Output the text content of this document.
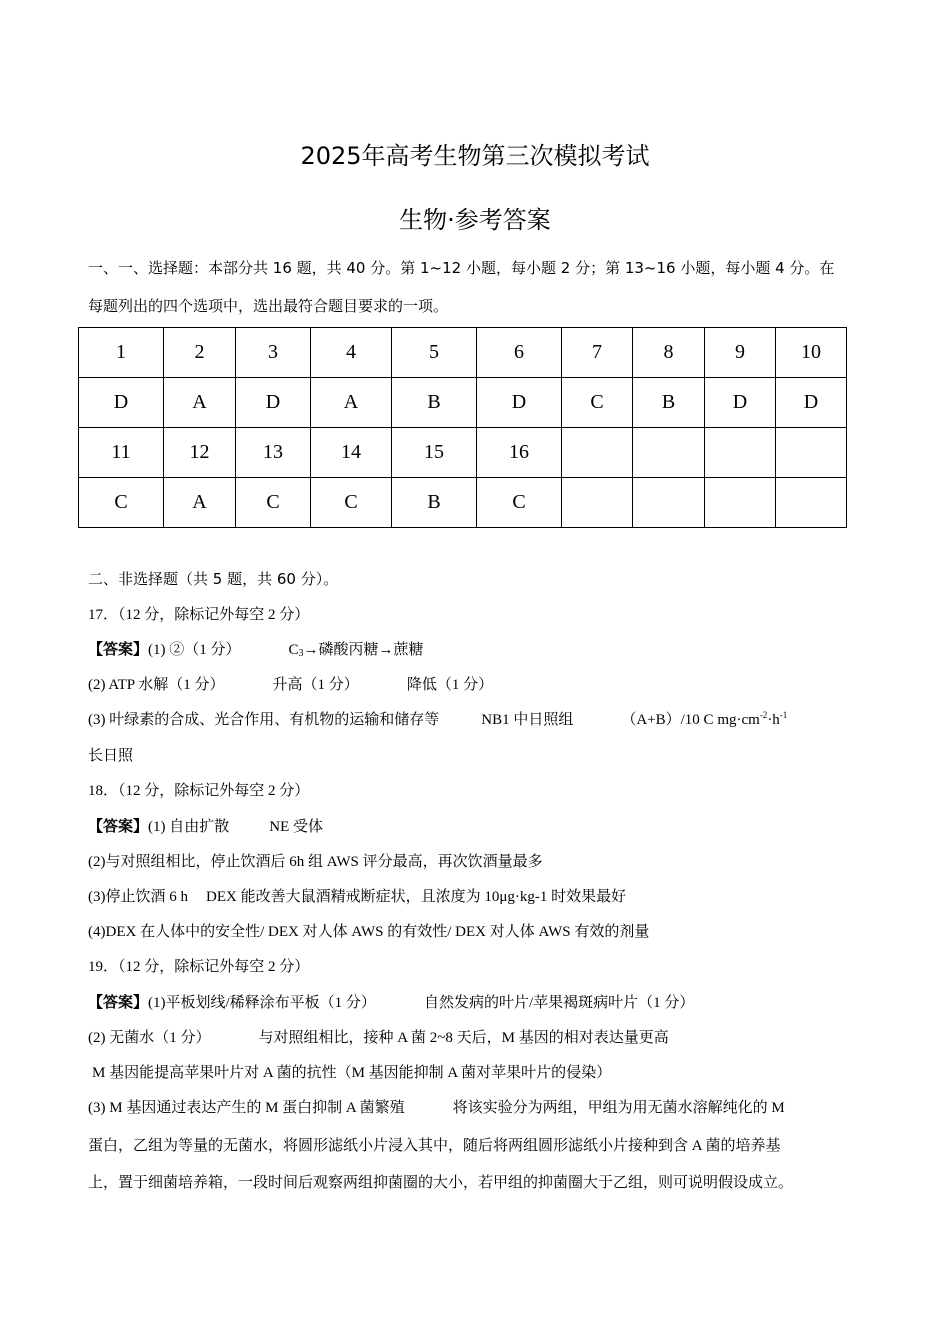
2025年高考生物第三次模拟考试
生物·参考答案
一、一、选择题：本部分共 16 题，共 40 分。第 1~12 小题，每小题 2 分；第 13~16 小题，每小题 4 分。在
每题列出的四个选项中，选出最符合题目要求的一项。
1	2	3	4	5	6	7	8	9	10
D	A	D	A	B	D	C	B	D	D
11	12	13	14	15	16				
C	A	C	C	B	C				
二、非选择题（共 5 题，共 60 分）。
17．（12 分，除标记外每空 2 分）
【答案】(1) ②（1 分）	$C_3\to$磷酸丙糖→蔗糖
(2) ATP 水解（1 分）	升高（1 分）	降低（1 分）
(3) 叶绿素的合成、光合作用、有机物的运输和储存等	NB1 中日照组	（A+B）/10 C $mg\cdot cm^{-2}\cdot h^{-1}$
长日照
18．（12 分，除标记外每空 2 分）
【答案】(1) 自由扩散	NE 受体
(2)与对照组相比，停止饮酒后 6h 组 AWS 评分最高，再次饮酒量最多
(3)停止饮酒 6 h DEX 能改善大鼠酒精戒断症状，且浓度为 10μg·kg-1 时效果最好
(4)DEX 在人体中的安全性/ DEX 对人体 AWS 的有效性/ DEX 对人体 AWS 有效的剂量
19．（12 分，除标记外每空 2 分）
【答案】(1)平板划线/稀释涂布平板（1 分）	自然发病的叶片/苹果褐斑病叶片（1 分）
(2) 无菌水（1 分）	与对照组相比，接种 A 菌 2~8 天后，M 基因的相对表达量更高
M 基因能提高苹果叶片对 A 菌的抗性（M 基因能抑制 A 菌对苹果叶片的侵染）
(3) M 基因通过表达产生的 M 蛋白抑制 A 菌繁殖	将该实验分为两组，甲组为用无菌水溶解纯化的 M
蛋白，乙组为等量的无菌水，将圆形滤纸小片浸入其中，随后将两组圆形滤纸小片接种到含 A 菌的培养基
上，置于细菌培养箱，一段时间后观察两组抑菌圈的大小，若甲组的抑菌圈大于乙组，则可说明假设成立。
